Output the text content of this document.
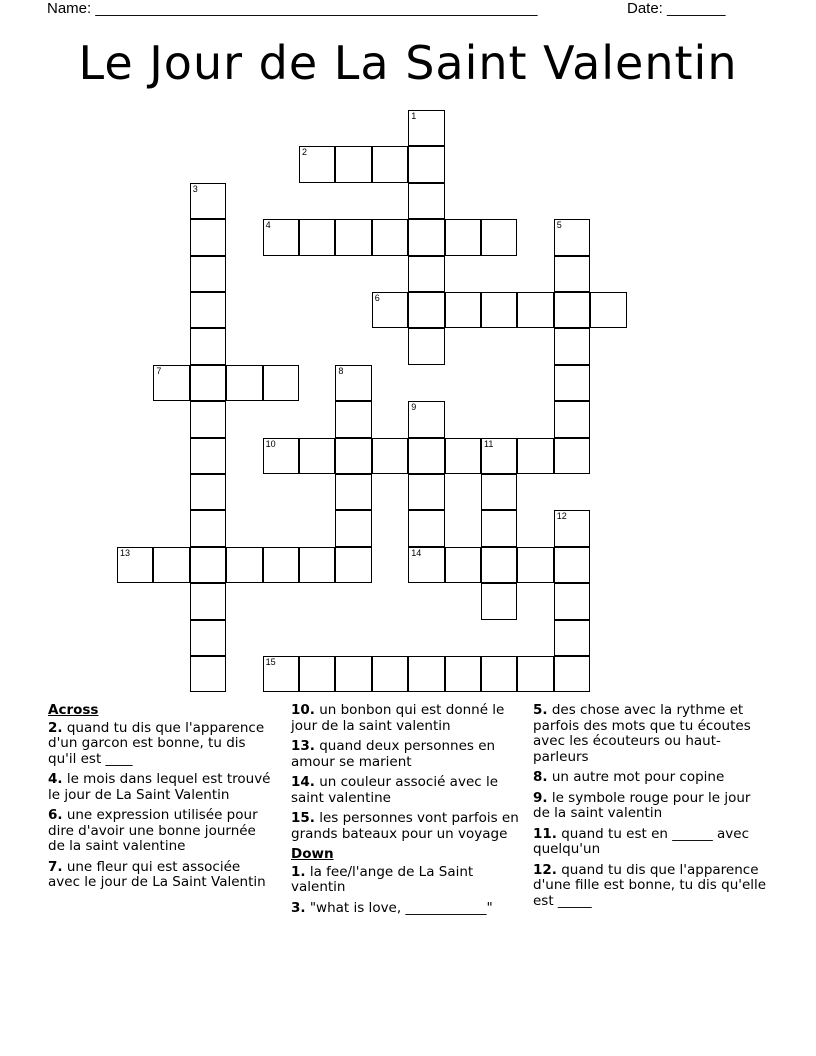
Name: _____________________________________________________	Date: _______
Le Jour de La Saint Valentin
1
2
3
4	5
6
7	8
9
14
10	11
12
13
15
Across
2. quand tu dis que l'apparence d'un garcon est bonne, tu dis qu'il est ____
4. le mois dans lequel est trouvé le jour de La Saint Valentin
6. une expression utilisée pour dire d'avoir une bonne journée de la saint valentine
7. une fleur qui est associée avec le jour de La Saint Valentin
10. un bonbon qui est donné le jour de la saint valentin
13. quand deux personnes en amour se marient
14. un couleur associé avec le saint valentine
15. les personnes vont parfois en grands bateaux pour un voyage
Down
1. la fee/l'ange de La Saint valentin
3. "what is love, ____________"
5. des chose avec la rythme et parfois des mots que tu écoutes avec les écouteurs ou haut-parleurs
8. un autre mot pour copine
9. le symbole rouge pour le jour de la saint valentin
11. quand tu est en ______ avec quelqu'un
12. quand tu dis que l'apparence d'une fille est bonne, tu dis qu'elle est _____
